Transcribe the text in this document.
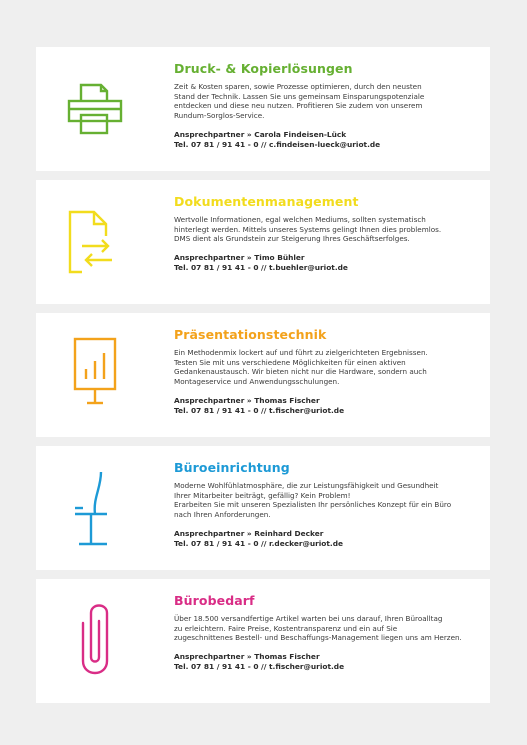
Druck- & Kopierlösungen

Zeit & Kosten sparen, sowie Prozesse optimieren, durch den neusten
Stand der Technik. Lassen Sie uns gemeinsam Einsparungspotenziale
entdecken und diese neu nutzen. Profitieren Sie zudem von unserem
Rundum-Sorglos-Service.

Ansprechpartner » Carola Findeisen-Lück
Tel. 07 81 / 91 41 - 0 // c.findeisen-lueck@uriot.de
Dokumentenmanagement

Wertvolle Informationen, egal welchen Mediums, sollten systematisch
hinterlegt werden. Mittels unseres Systems gelingt Ihnen dies problemlos.
DMS dient als Grundstein zur Steigerung Ihres Geschäftserfolges.

Ansprechpartner » Timo Bühler
Tel. 07 81 / 91 41 - 0 // t.buehler@uriot.de
Präsentationstechnik

Ein Methodenmix lockert auf und führt zu zielgerichteten Ergebnissen.
Testen Sie mit uns verschiedene Möglichkeiten für einen aktiven
Gedankenaustausch. Wir bieten nicht nur die Hardware, sondern auch
Montageservice und Anwendungsschulungen.

Ansprechpartner » Thomas Fischer
Tel. 07 81 / 91 41 - 0 // t.fischer@uriot.de
Büroeinrichtung

Moderne Wohlfühlatmosphäre, die zur Leistungsfähigkeit und Gesundheit
Ihrer Mitarbeiter beiträgt, gefällig? Kein Problem!
Erarbeiten Sie mit unseren Spezialisten Ihr persönliches Konzept für ein Büro
nach Ihren Anforderungen.

Ansprechpartner » Reinhard Decker
Tel. 07 81 / 91 41 - 0 // r.decker@uriot.de
Bürobedarf

Über 18.500 versandfertige Artikel warten bei uns darauf, Ihren Büroalltag
zu erleichtern. Faire Preise, Kostentransparenz und ein auf Sie
zugeschnittenes Bestell- und Beschaffungs-Management liegen uns am Herzen.

Ansprechpartner » Thomas Fischer
Tel. 07 81 / 91 41 - 0 // t.fischer@uriot.de
